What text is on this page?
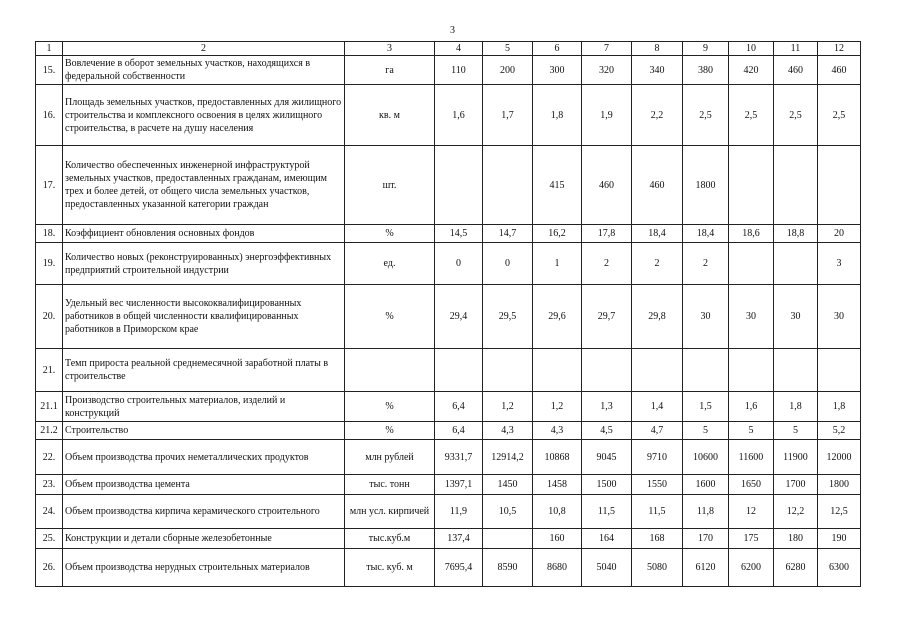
3
1	2	3	4	5	6	7	8	9	10	11	12
15.	Вовлечение в оборот земельных участков, находящихся в федеральной собственности	га	110	200	300	320	340	380	420	460	460
16.	Площадь земельных участков, предоставленных для жилищного строительства и комплексного освоения в целях жилищного строительства, в расчете на душу населения	кв. м	1,6	1,7	1,8	1,9	2,2	2,5	2,5	2,5	2,5
17.	Количество обеспеченных инженерной инфраструктурой земельных участков, предоставленных гражданам, имеющим трех и более детей, от общего числа земельных участков, предоставленных указанной категории граждан	шт.			415	460	460	1800			
18.	Коэффициент обновления основных фондов	%	14,5	14,7	16,2	17,8	18,4	18,4	18,6	18,8	20
19.	Количество новых (реконструированных) энергоэффективных предприятий строительной индустрии	ед.	0	0	1	2	2	2			3
20.	Удельный вес численности высококвалифицированных работников в общей численности квалифицированных работников в Приморском крае	%	29,4	29,5	29,6	29,7	29,8	30	30	30	30
21.	Темп прироста реальной среднемесячной заработной платы в строительстве										
21.1	Производство строительных материалов, изделий и конструкций	%	6,4	1,2	1,2	1,3	1,4	1,5	1,6	1,8	1,8
21.2	Строительство	%	6,4	4,3	4,3	4,5	4,7	5	5	5	5,2
22.	Объем производства прочих неметаллических продуктов	млн рублей	9331,7	12914,2	10868	9045	9710	10600	11600	11900	12000
23.	Объем производства цемента	тыс. тонн	1397,1	1450	1458	1500	1550	1600	1650	1700	1800
24.	Объем производства кирпича керамического строительного	млн усл. кирпичей	11,9	10,5	10,8	11,5	11,5	11,8	12	12,2	12,5
25.	Конструкции и детали сборные железобетонные	тыс.куб.м	137,4		160	164	168	170	175	180	190
26.	Объем производства нерудных строительных материалов	тыс. куб. м	7695,4	8590	8680	5040	5080	6120	6200	6280	6300
